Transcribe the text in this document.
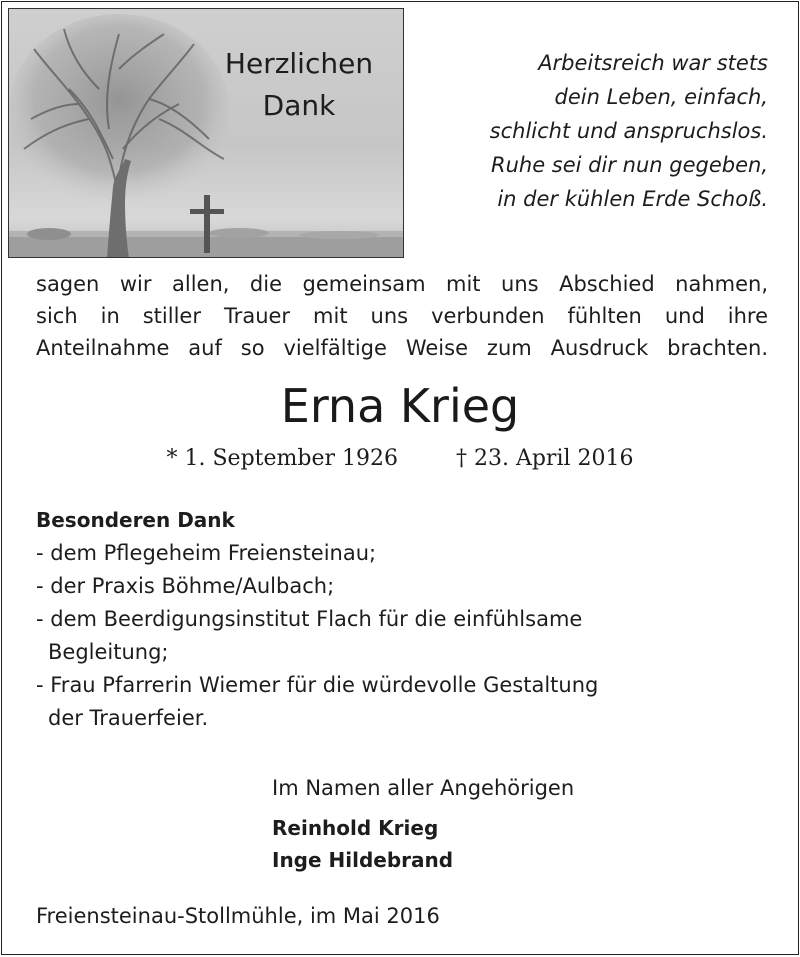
Herzlichen
Dank
Arbeitsreich war stets
dein Leben, einfach,
schlicht und anspruchslos.
Ruhe sei dir nun gegeben,
in der kühlen Erde Schoß.
sagen wir allen, die gemeinsam mit uns Abschied nahmen,
sich in stiller Trauer mit uns verbunden fühlten und ihre
Anteilnahme auf so vielfältige Weise zum Ausdruck brachten.
Erna Krieg
* 1. September 1926	† 23. April 2016
Besonderen Dank
- dem Pflegeheim Freiensteinau;
- der Praxis Böhme/Aulbach;
- dem Beerdigungsinstitut Flach für die einfühlsame
Begleitung;
- Frau Pfarrerin Wiemer für die würdevolle Gestaltung
der Trauerfeier.
Im Namen aller Angehörigen
Reinhold Krieg
Inge Hildebrand
Freiensteinau-Stollmühle, im Mai 2016
